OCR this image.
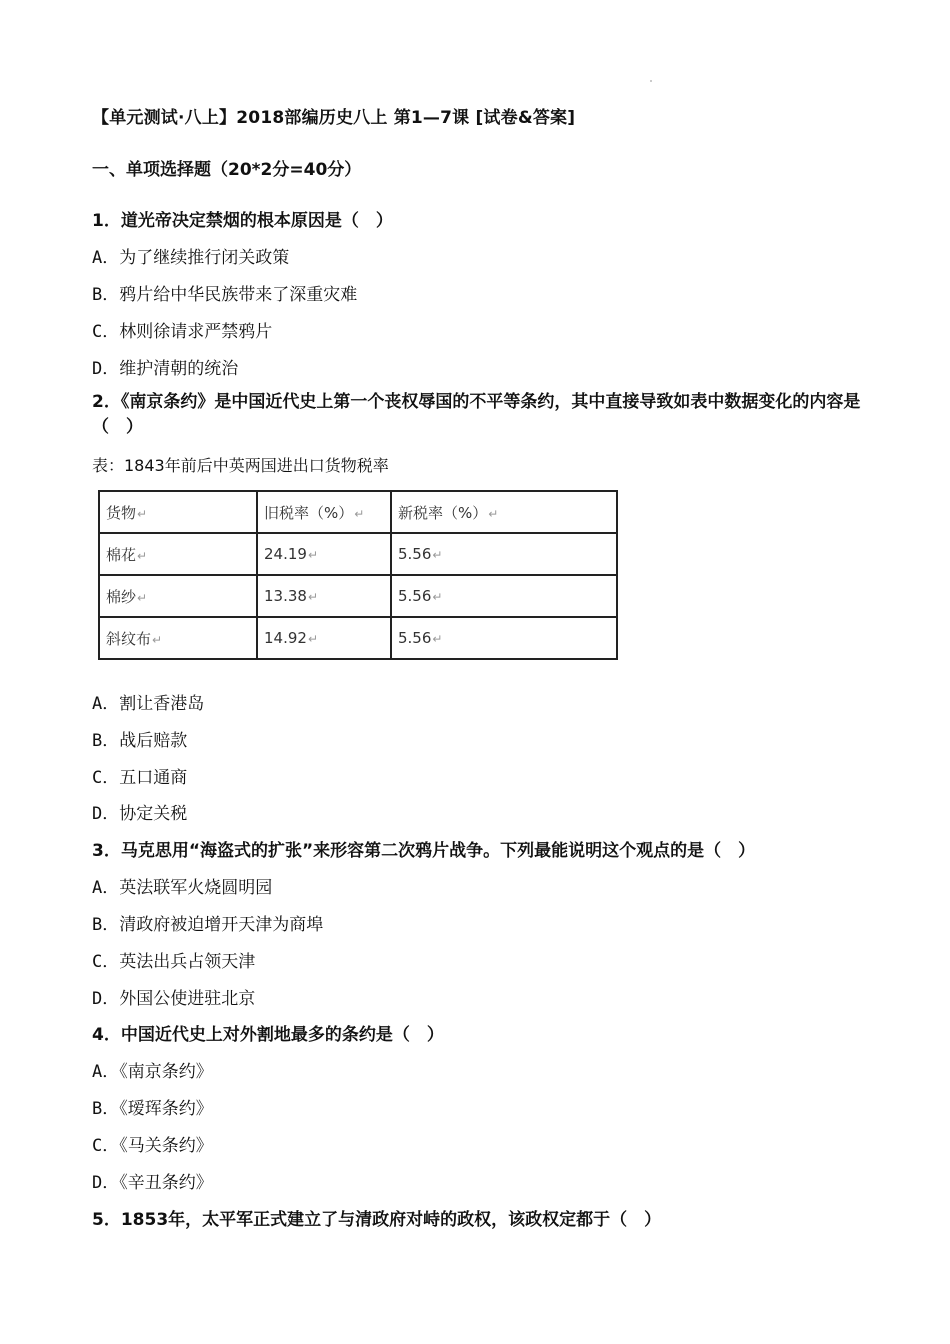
【单元测试·八上】2018部编历史八上 第1—7课 [试卷&答案]
一、单项选择题（20*2分=40分）
1．道光帝决定禁烟的根本原因是（　）
A．为了继续推行闭关政策
B．鸦片给中华民族带来了深重灾难
C．林则徐请求严禁鸦片
D．维护清朝的统治
2．《南京条约》是中国近代史上第一个丧权辱国的不平等条约，其中直接导致如表中数据变化的内容是（　）
表：1843年前后中英两国进出口货物税率
货物↵	旧税率（%）↵	新税率（%）↵
棉花↵	24.19↵	5.56↵
棉纱↵	13.38↵	5.56↵
斜纹布↵	14.92↵	5.56↵
A．割让香港岛
B．战后赔款
C．五口通商
D．协定关税
3．马克思用“海盗式的扩张”来形容第二次鸦片战争。下列最能说明这个观点的是（　）
A．英法联军火烧圆明园
B．清政府被迫增开天津为商埠
C．英法出兵占领天津
D．外国公使进驻北京
4．中国近代史上对外割地最多的条约是（　）
A．《南京条约》
B．《瑷珲条约》
C．《马关条约》
D．《辛丑条约》
5．1853年，太平军正式建立了与清政府对峙的政权，该政权定都于（　）
